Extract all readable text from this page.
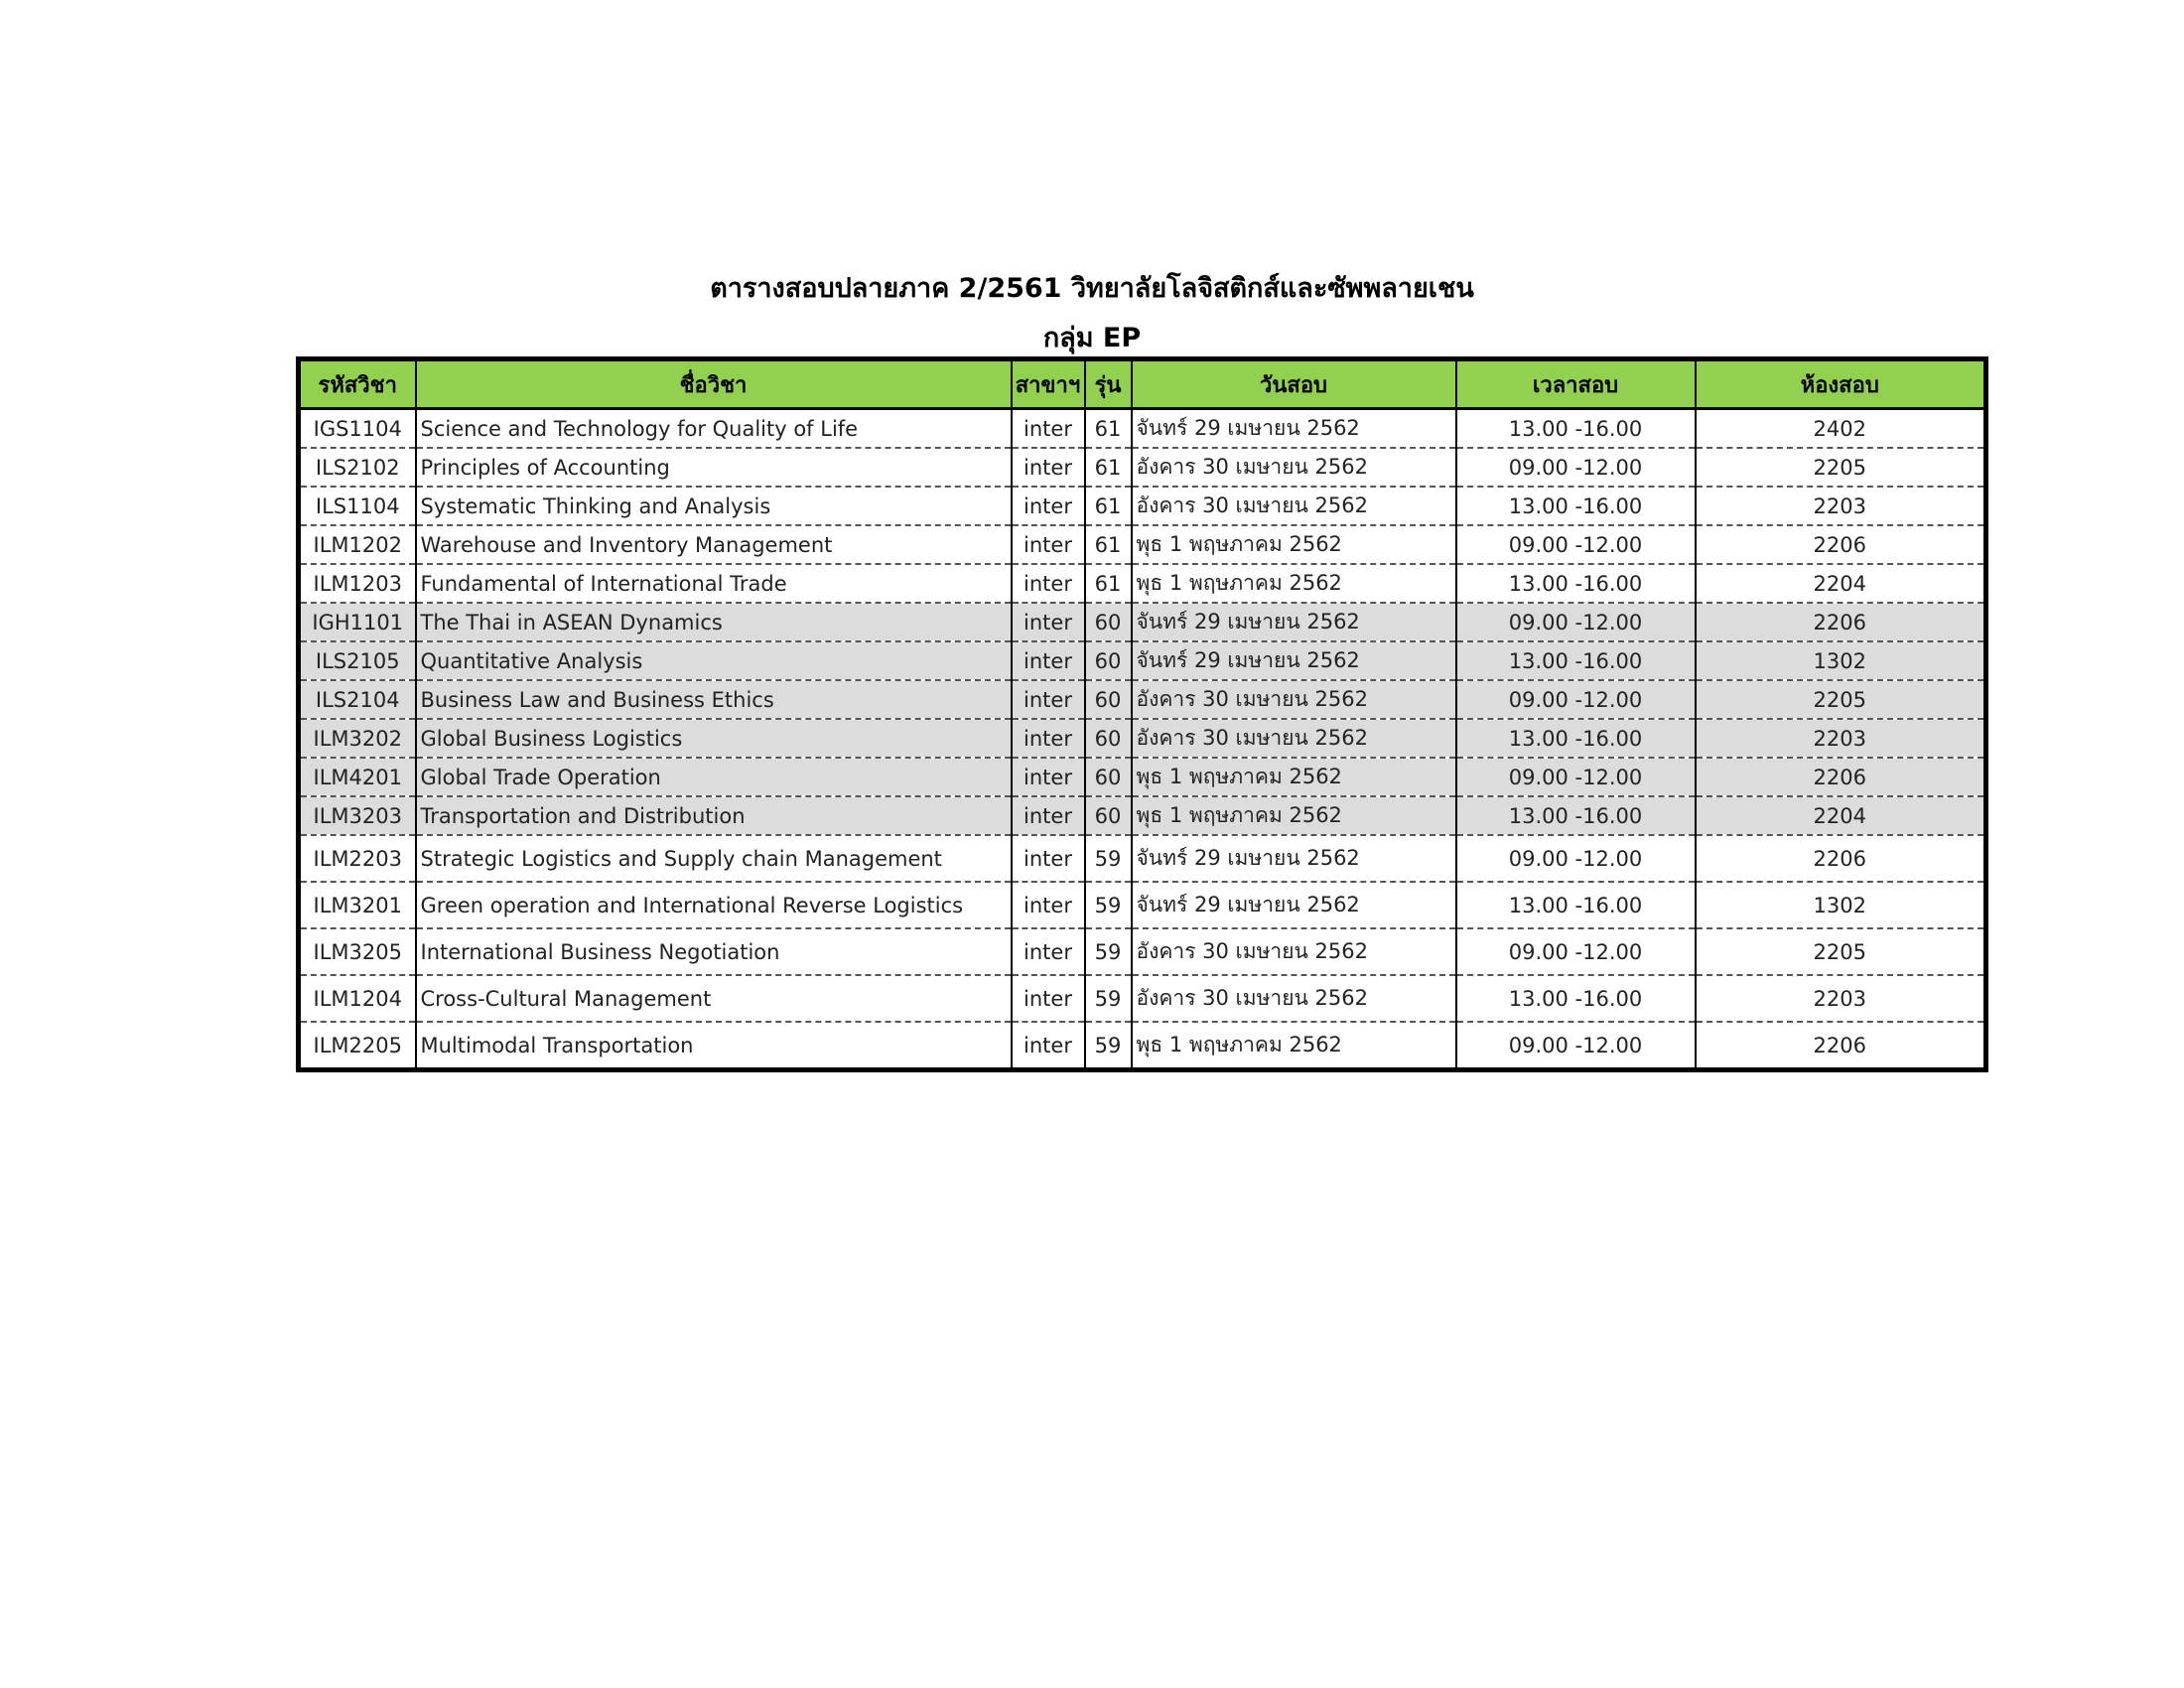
ตารางสอบปลายภาค 2/2561 วิทยาลัยโลจิสติกส์และซัพพลายเชน
กลุ่ม EP
รหัสวิชา	ชื่อวิชา	สาขาฯ	รุ่น	วันสอบ	เวลาสอบ	ห้องสอบ
IGS1104	Science and Technology for Quality of Life	inter	61	จันทร์ 29 เมษายน 2562	13.00 -16.00	2402
ILS2102	Principles of Accounting	inter	61	อังคาร 30 เมษายน 2562	09.00 -12.00	2205
ILS1104	Systematic Thinking and Analysis	inter	61	อังคาร 30 เมษายน 2562	13.00 -16.00	2203
ILM1202	Warehouse and Inventory Management	inter	61	พุธ 1 พฤษภาคม 2562	09.00 -12.00	2206
ILM1203	Fundamental of International Trade	inter	61	พุธ 1 พฤษภาคม 2562	13.00 -16.00	2204
IGH1101	The Thai in ASEAN Dynamics	inter	60	จันทร์ 29 เมษายน 2562	09.00 -12.00	2206
ILS2105	Quantitative Analysis	inter	60	จันทร์ 29 เมษายน 2562	13.00 -16.00	1302
ILS2104	Business Law and Business Ethics	inter	60	อังคาร 30 เมษายน 2562	09.00 -12.00	2205
ILM3202	Global Business Logistics	inter	60	อังคาร 30 เมษายน 2562	13.00 -16.00	2203
ILM4201	Global Trade Operation	inter	60	พุธ 1 พฤษภาคม 2562	09.00 -12.00	2206
ILM3203	Transportation and Distribution	inter	60	พุธ 1 พฤษภาคม 2562	13.00 -16.00	2204
ILM2203	Strategic Logistics and Supply chain Management	inter	59	จันทร์ 29 เมษายน 2562	09.00 -12.00	2206
ILM3201	Green operation and International Reverse Logistics	inter	59	จันทร์ 29 เมษายน 2562	13.00 -16.00	1302
ILM3205	International Business Negotiation	inter	59	อังคาร 30 เมษายน 2562	09.00 -12.00	2205
ILM1204	Cross-Cultural Management	inter	59	อังคาร 30 เมษายน 2562	13.00 -16.00	2203
ILM2205	Multimodal Transportation	inter	59	พุธ 1 พฤษภาคม 2562	09.00 -12.00	2206
